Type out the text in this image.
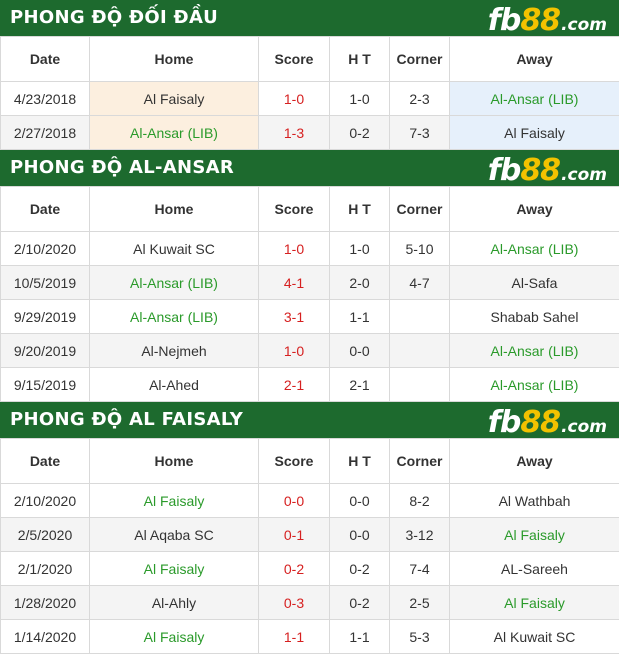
PHONG ĐỘ ĐỐI ĐẦU	fb 88 .com
Date	Home	Score	H T	Corner	Away
4/23/2018	Al Faisaly	1-0	1-0	2-3	Al-Ansar (LIB)
2/27/2018	Al-Ansar (LIB)	1-3	0-2	7-3	Al Faisaly
PHONG ĐỘ AL-ANSAR	fb 88 .com
Date	Home	Score	H T	Corner	Away
2/10/2020	Al Kuwait SC	1-0	1-0	5-10	Al-Ansar (LIB)
10/5/2019	Al-Ansar (LIB)	4-1	2-0	4-7	Al-Safa
9/29/2019	Al-Ansar (LIB)	3-1	1-1		Shabab Sahel
9/20/2019	Al-Nejmeh	1-0	0-0		Al-Ansar (LIB)
9/15/2019	Al-Ahed	2-1	2-1		Al-Ansar (LIB)
PHONG ĐỘ AL FAISALY	fb 88 .com
Date	Home	Score	H T	Corner	Away
2/10/2020	Al Faisaly	0-0	0-0	8-2	Al Wathbah
2/5/2020	Al Aqaba SC	0-1	0-0	3-12	Al Faisaly
2/1/2020	Al Faisaly	0-2	0-2	7-4	AL-Sareeh
1/28/2020	Al-Ahly	0-3	0-2	2-5	Al Faisaly
1/14/2020	Al Faisaly	1-1	1-1	5-3	Al Kuwait SC
